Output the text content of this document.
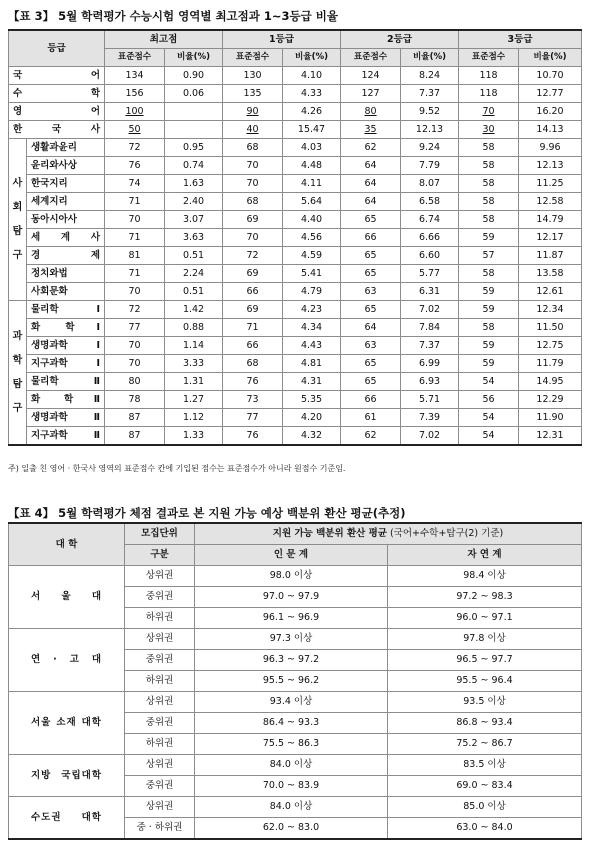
【표 3】 5월 학력평가 수능시험 영역별 최고점과 1~3등급 비율
등급		최고점		1등급		2등급		3등급	
		표준점수	비율(%)	표준점수	비율(%)	표준점수	비율(%)	표준점수	비율(%)
국 어		134	0.90	130	4.10	124	8.24	118	10.70
수 학		156	0.06	135	4.33	127	7.37	118	12.77
영 어		100		90	4.26	80	9.52	70	16.20
한 국 사		50		40	15.47	35	12.13	30	14.13
사
회
탐
구	생활과윤리	72	0.95	68	4.03	62	9.24	58	9.96
	윤리와사상	76	0.74	70	4.48	64	7.79	58	12.13
	한국지리	74	1.63	70	4.11	64	8.07	58	11.25
	세계지리	71	2.40	68	5.64	64	6.58	58	12.58
	동아시아사	70	3.07	69	4.40	65	6.74	58	14.79
	세 계 사	71	3.63	70	4.56	66	6.66	59	12.17
	경 제	81	0.51	72	4.59	65	6.60	57	11.87
	정치와법	71	2.24	69	5.41	65	5.77	58	13.58
	사회문화	70	0.51	66	4.79	63	6.31	59	12.61
과
학
탐
구	물리학Ⅰ	72	1.42	69	4.23	65	7.02	59	12.34
	화 학Ⅰ	77	0.88	71	4.34	64	7.84	58	11.50
	생명과학Ⅰ	70	1.14	66	4.43	63	7.37	59	12.75
	지구과학Ⅰ	70	3.33	68	4.81	65	6.99	59	11.79
	물리학Ⅱ	80	1.31	76	4.31	65	6.93	54	14.95
	화 학Ⅱ	78	1.27	73	5.35	66	5.71	56	12.29
	생명과학Ⅱ	87	1.12	77	4.20	61	7.39	54	11.90
	지구과학Ⅱ	87	1.33	76	4.32	62	7.02	54	12.31
주) 일출 친 영어 · 한국사 영역의 표준점수 칸에 기입된 점수는 표준점수가 아니라 원점수 기준임.
【표 4】 5월 학력평가 체점 결과로 본 지원 가능 예상 백분위 환산 평균(추정)
대 학	모집단위	지원 가능 백분위 환산 평균 (국어+수학+탐구(2) 기준)	
	구분	인 문 계	자 연 계
서 울 대	상위권	98.0 이상	98.4 이상
	중위권	97.0 ~ 97.9	97.2 ~ 98.3
	하위권	96.1 ~ 96.9	96.0 ~ 97.1
연 · 고 대	상위권	97.3 이상	97.8 이상
	중위권	96.3 ~ 97.2	96.5 ~ 97.7
	하위권	95.5 ~ 96.2	95.5 ~ 96.4
서울 소재 대학	상위권	93.4 이상	93.5 이상
	중위권	86.4 ~ 93.3	86.8 ~ 93.4
	하위권	75.5 ~ 86.3	75.2 ~ 86.7
지방 국립대학	상위권	84.0 이상	83.5 이상
	중위권	70.0 ~ 83.9	69.0 ~ 83.4
수도권 대학	상위권	84.0 이상	85.0 이상
	중 · 하위권	62.0 ~ 83.0	63.0 ~ 84.0
